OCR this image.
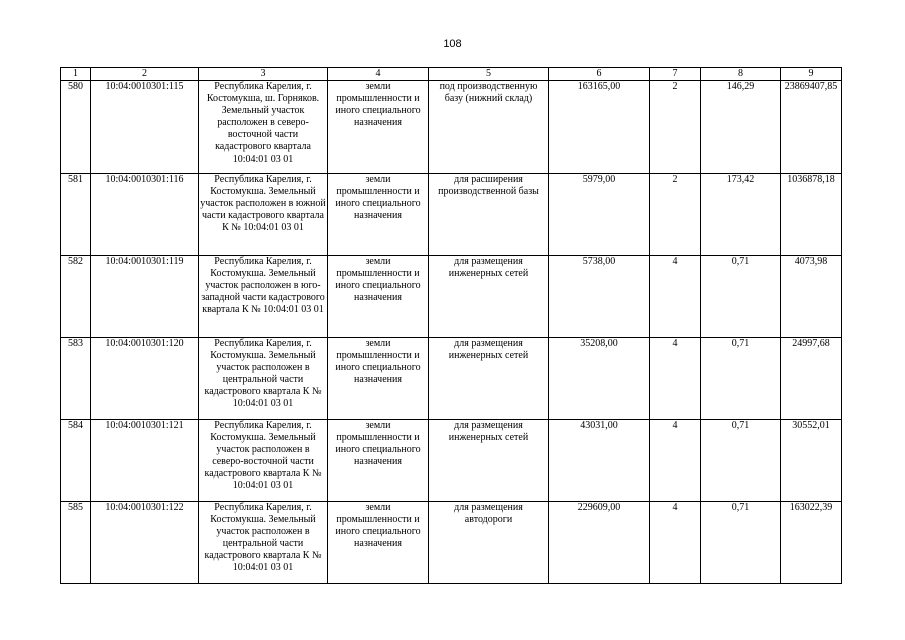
108
1	2	3	4	5	6	7	8	9
580	10:04:0010301:115	Республика Карелия, г. Костомукша, ш. Горняков. Земельный участок расположен в северо-восточной части кадастрового квартала 10:04:01 03 01	земли промышленности и иного специального назначения	под производственную базу (нижний склад)	163165,00	2	146,29	23869407,85
581	10:04:0010301:116	Республика Карелия, г. Костомукша. Земельный участок расположен в южной части кадастрового квартала К № 10:04:01 03 01	земли промышленности и иного специального назначения	для расширения производственной базы	5979,00	2	173,42	1036878,18
582	10:04:0010301:119	Республика Карелия, г. Костомукша. Земельный участок расположен в юго-западной части кадастрового квартала К № 10:04:01 03 01	земли промышленности и иного специального назначения	для размещения инженерных сетей	5738,00	4	0,71	4073,98
583	10:04:0010301:120	Республика Карелия, г. Костомукша. Земельный участок расположен в центральной части кадастрового квартала К № 10:04:01 03 01	земли промышленности и иного специального назначения	для размещения инженерных сетей	35208,00	4	0,71	24997,68
584	10:04:0010301:121	Республика Карелия, г. Костомукша. Земельный участок расположен в северо-восточной части кадастрового квартала К № 10:04:01 03 01	земли промышленности и иного специального назначения	для размещения инженерных сетей	43031,00	4	0,71	30552,01
585	10:04:0010301:122	Республика Карелия, г. Костомукша. Земельный участок расположен в центральной части кадастрового квартала К № 10:04:01 03 01	земли промышленности и иного специального назначения	для размещения автодороги	229609,00	4	0,71	163022,39
